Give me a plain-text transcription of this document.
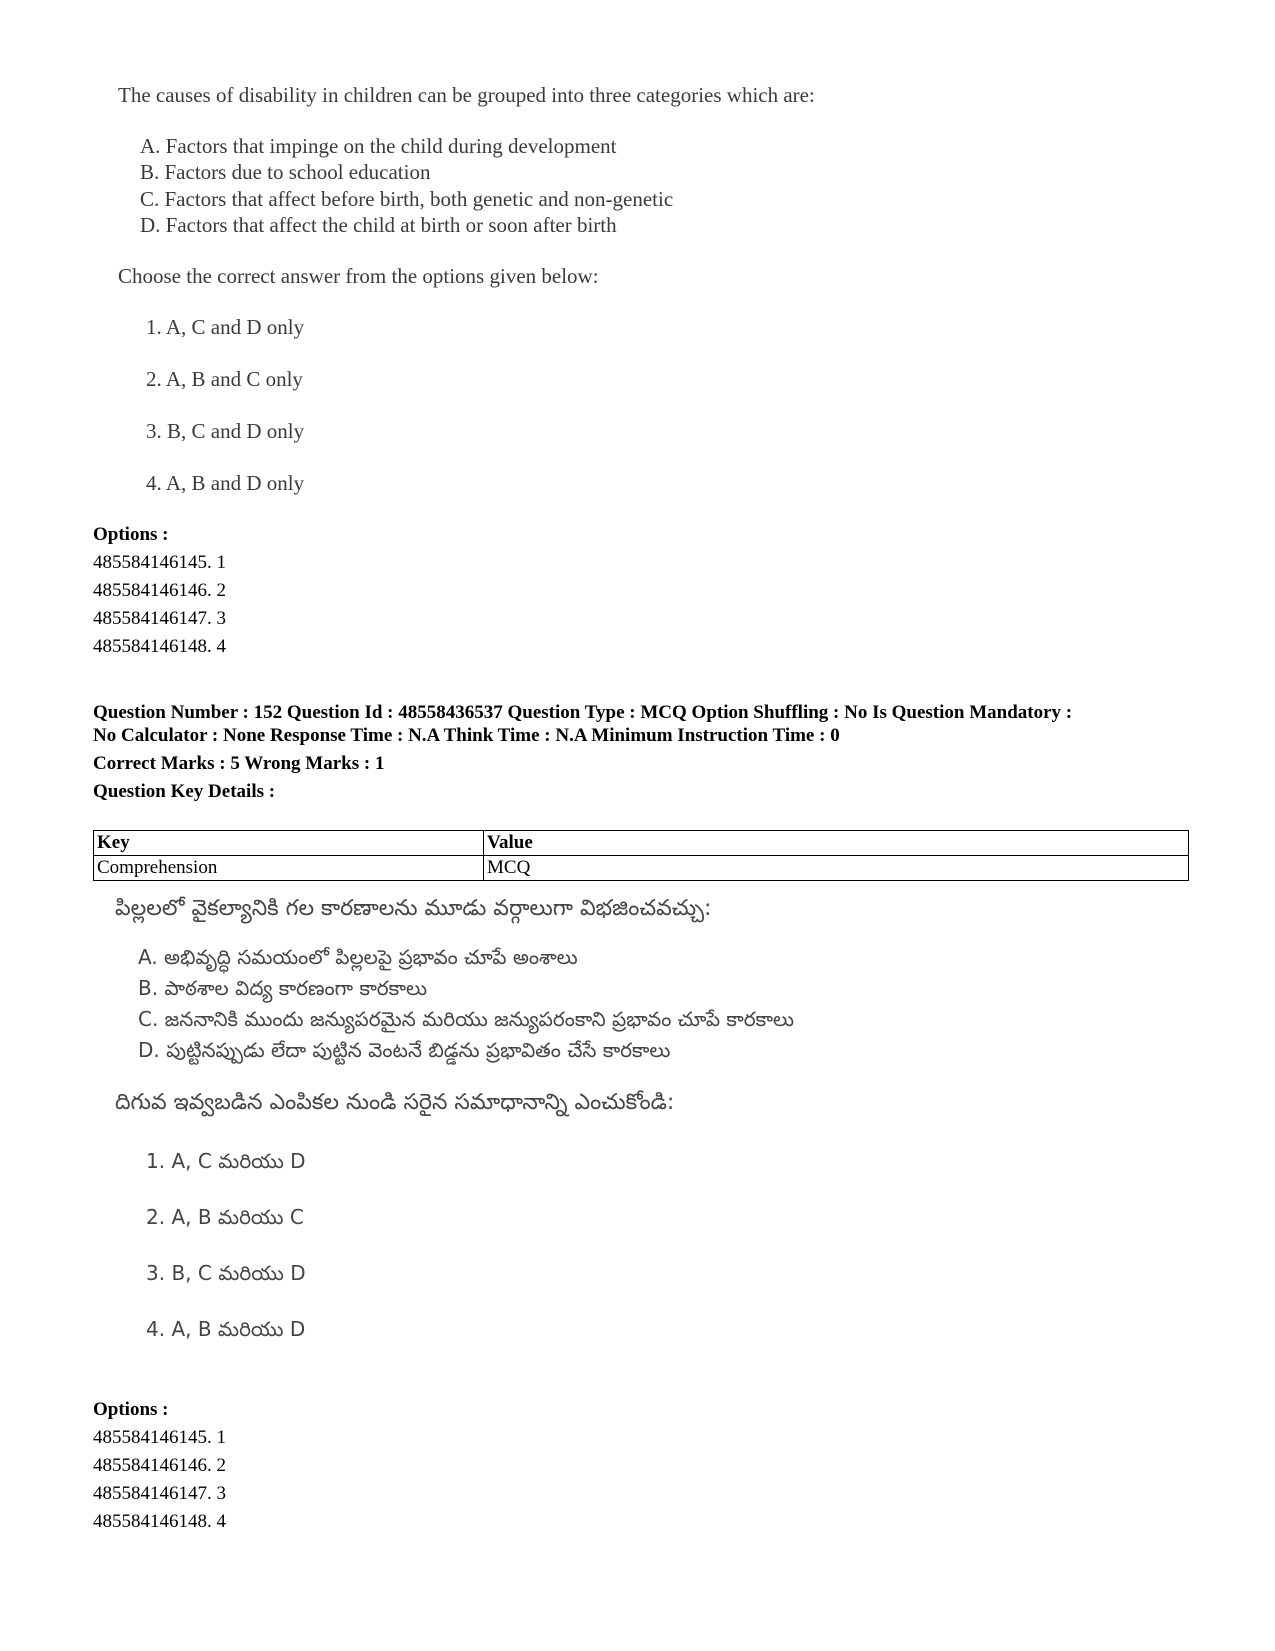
The causes of disability in children can be grouped into three categories which are:
A. Factors that impinge on the child during development
B. Factors due to school education
C. Factors that affect before birth, both genetic and non-genetic
D. Factors that affect the child at birth or soon after birth
Choose the correct answer from the options given below:
1. A, C and D only
2. A, B and C only
3. B, C and D only
4. A, B and D only
Options :
485584146145. 1
485584146146. 2
485584146147. 3
485584146148. 4
Question Number : 152 Question Id : 48558436537 Question Type : MCQ Option Shuffling : No Is Question Mandatory :
No Calculator : None Response Time : N.A Think Time : N.A Minimum Instruction Time : 0
Correct Marks : 5 Wrong Marks : 1
Question Key Details :
Key	Value
Comprehension	MCQ
పిల్లలలో వైకల్యానికి గల కారణాలను మూడు వర్గాలుగా విభజించవచ్చు:
A. అభివృద్ధి సమయంలో పిల్లలపై ప్రభావం చూపే అంశాలు
B. పాఠశాల విద్య కారణంగా కారకాలు
C. జననానికి ముందు జన్యుపరమైన మరియు జన్యుపరంకాని ప్రభావం చూపే కారకాలు
D. పుట్టినప్పుడు లేదా పుట్టిన వెంటనే బిడ్డను ప్రభావితం చేసే కారకాలు
దిగువ ఇవ్వబడిన ఎంపికల నుండి సరైన సమాధానాన్ని ఎంచుకోండి:
1. A, C మరియు D
2. A, B మరియు C
3. B, C మరియు D
4. A, B మరియు D
Options :
485584146145. 1
485584146146. 2
485584146147. 3
485584146148. 4
